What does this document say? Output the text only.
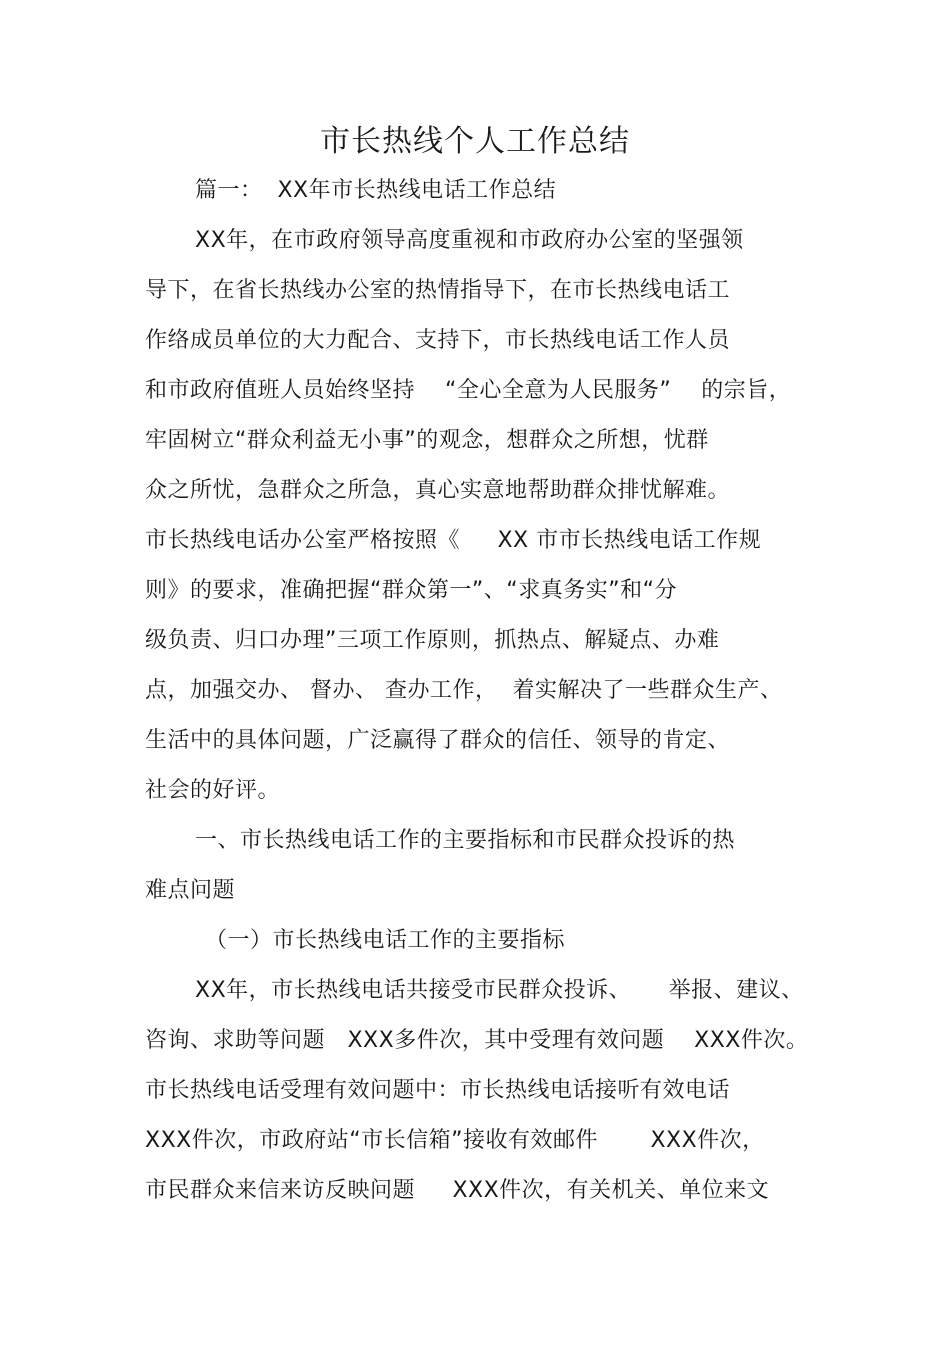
市长热线个人工作总结
篇一：  XX年市长热线电话工作总结
XX年，在市政府领导高度重视和市政府办公室的坚强领
导下，在省长热线办公室的热情指导下，在市长热线电话工
作络成员单位的大力配合、支持下，市长热线电话工作人员
和市政府值班人员始终坚持    “全心全意为人民服务”    的宗旨，
牢固树立“群众利益无小事”的观念，想群众之所想，忧群
众之所忧，急群众之所急，真心实意地帮助群众排忧解难。
市长热线电话办公室严格按照《     XX 市市长热线电话工作规
则》的要求，准确把握“群众第一”、“求真务实”和“分
级负责、归口办理”三项工作原则，抓热点、解疑点、办难
点，加强交办、 督办、 查办工作，  着实解决了一些群众生产、
生活中的具体问题，广泛赢得了群众的信任、领导的肯定、
社会的好评。
一、市长热线电话工作的主要指标和市民群众投诉的热
难点问题
（一）市长热线电话工作的主要指标
XX年，市长热线电话共接受市民群众投诉、     举报、建议、
咨询、求助等问题   XXX多件次，其中受理有效问题    XXX件次。
市长热线电话受理有效问题中：市长热线电话接听有效电话
XXX件次，市政府站“市长信箱”接收有效邮件       XXX件次，
市民群众来信来访反映问题     XXX件次，有关机关、单位来文
